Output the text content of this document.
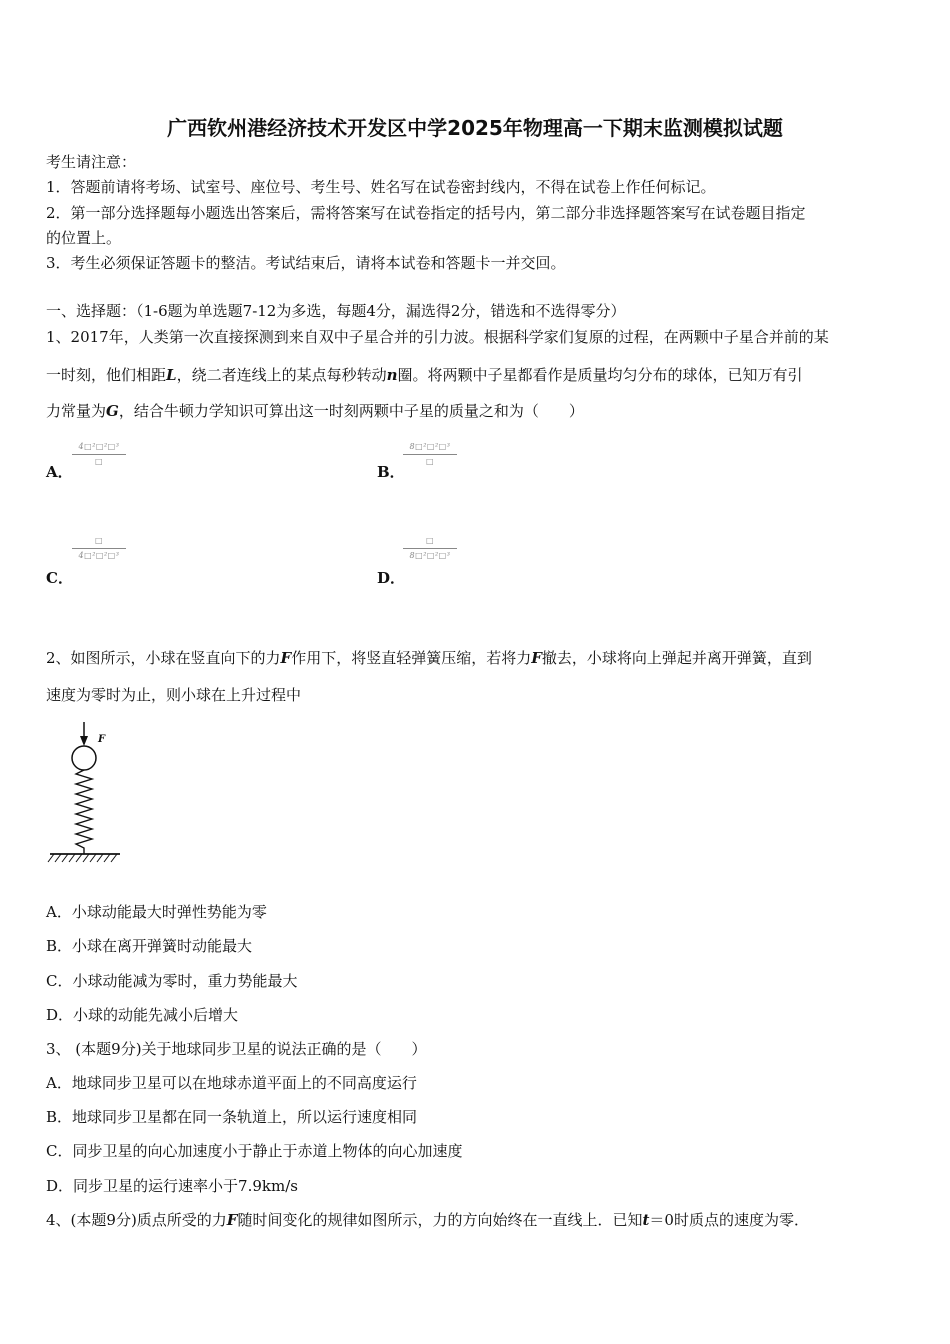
广西钦州港经济技术开发区中学2025年物理高一下期末监测模拟试题
考生请注意：
1．答题前请将考场、试室号、座位号、考生号、姓名写在试卷密封线内，不得在试卷上作任何标记。
2．第一部分选择题每小题选出答案后，需将答案写在试卷指定的括号内，第二部分非选择题答案写在试卷题目指定
的位置上。
3．考生必须保证答题卡的整洁。考试结束后，请将本试卷和答题卡一并交回。
一、选择题：（1-6题为单选题7-12为多选，每题4分，漏选得2分，错选和不选得零分）
1、2017年，人类第一次直接探测到来自双中子星合并的引力波。根据科学家们复原的过程，在两颗中子星合并前的某
一时刻，他们相距L，绕二者连线上的某点每秒转动n圈。将两颗中子星都看作是质量均匀分布的球体，已知万有引
力常量为G，结合牛顿力学知识可算出这一时刻两颗中子星的质量之和为（　　）
A．
4□²□²□³
□
B．
8□²□²□³
□
C．
□
4□²□²□³
D．
□
8□²□²□³
2、如图所示，小球在竖直向下的力F作用下，将竖直轻弹簧压缩，若将力F撤去，小球将向上弹起并离开弹簧，直到
速度为零时为止，则小球在上升过程中
F
A．小球动能最大时弹性势能为零
B．小球在离开弹簧时动能最大
C．小球动能减为零时，重力势能最大
D．小球的动能先减小后增大
3、 (本题9分)关于地球同步卫星的说法正确的是（　　）
A．地球同步卫星可以在地球赤道平面上的不同高度运行
B．地球同步卫星都在同一条轨道上，所以运行速度相同
C．同步卫星的向心加速度小于静止于赤道上物体的向心加速度
D．同步卫星的运行速率小于7.9km/s
4、(本题9分)质点所受的力F随时间变化的规律如图所示，力的方向始终在一直线上．已知t＝0时质点的速度为零．
